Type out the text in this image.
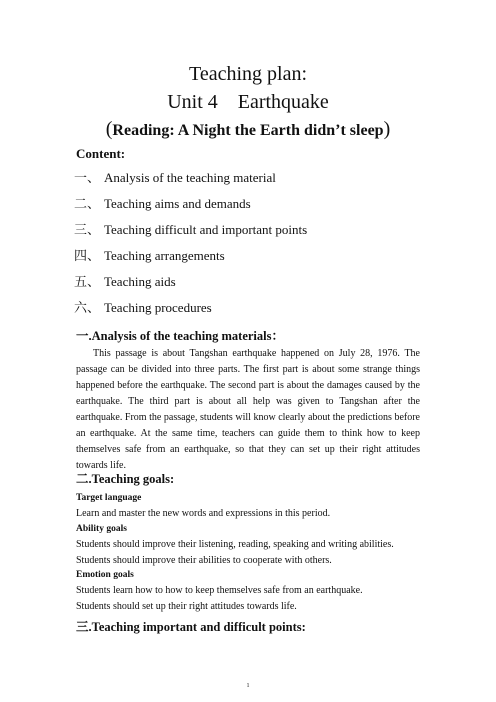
Teaching plan:
Unit 4    Earthquake
(Reading: A Night the Earth didn’t sleep)
Content:
一、 Analysis of the teaching material
二、 Teaching aims and demands
三、 Teaching difficult and important points
四、 Teaching arrangements
五、 Teaching aids
六、 Teaching procedures
一.Analysis of the teaching materials：

This passage is about Tangshan earthquake happened on July 28, 1976. The passage can be divided into three parts. The first part is about some strange things happened before the earthquake. The second part is about the damages caused by the earthquake. The third part is about all help was given to Tangshan after the earthquake. From the passage, students will know clearly about the predictions before an earthquake. At the same time, teachers can guide them to think how to keep themselves safe from an earthquake, so that they can set up their right attitudes towards life.

二.Teaching goals:
Target language
Learn and master the new words and expressions in this period.
Ability goals
Students should improve their listening, reading, speaking and writing abilities.
Students should improve their abilities to cooperate with others.
Emotion goals
Students learn how to how to keep themselves safe from an earthquake.
Students should set up their right attitudes towards life.
三.Teaching important and difficult points:
1
